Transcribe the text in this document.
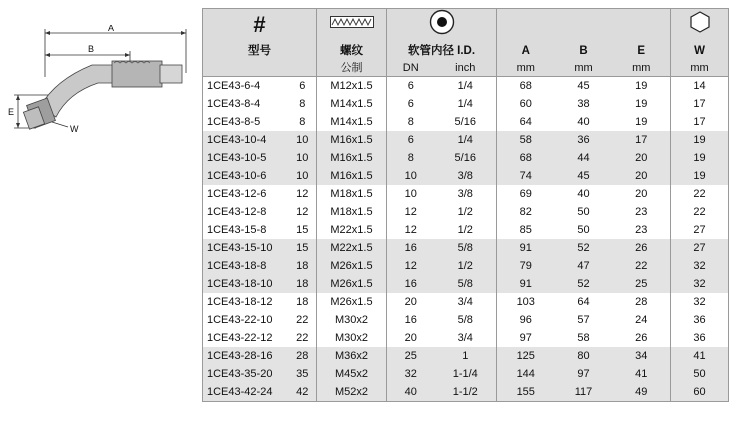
A
B
E
W
#						
型号		螺纹	软管内径 I.D.		A	B	E	W
		公制	DN	inch	mm	mm	mm	mm
1CE43-6-4	6	M12x1.5	6	1/4	68	45	19	14
1CE43-8-4	8	M14x1.5	6	1/4	60	38	19	17
1CE43-8-5	8	M14x1.5	8	5/16	64	40	19	17
1CE43-10-4	10	M16x1.5	6	1/4	58	36	17	19
1CE43-10-5	10	M16x1.5	8	5/16	68	44	20	19
1CE43-10-6	10	M16x1.5	10	3/8	74	45	20	19
1CE43-12-6	12	M18x1.5	10	3/8	69	40	20	22
1CE43-12-8	12	M18x1.5	12	1/2	82	50	23	22
1CE43-15-8	15	M22x1.5	12	1/2	85	50	23	27
1CE43-15-10	15	M22x1.5	16	5/8	91	52	26	27
1CE43-18-8	18	M26x1.5	12	1/2	79	47	22	32
1CE43-18-10	18	M26x1.5	16	5/8	91	52	25	32
1CE43-18-12	18	M26x1.5	20	3/4	103	64	28	32
1CE43-22-10	22	M30x2	16	5/8	96	57	24	36
1CE43-22-12	22	M30x2	20	3/4	97	58	26	36
1CE43-28-16	28	M36x2	25	1	125	80	34	41
1CE43-35-20	35	M45x2	32	1-1/4	144	97	41	50
1CE43-42-24	42	M52x2	40	1-1/2	155	117	49	60
